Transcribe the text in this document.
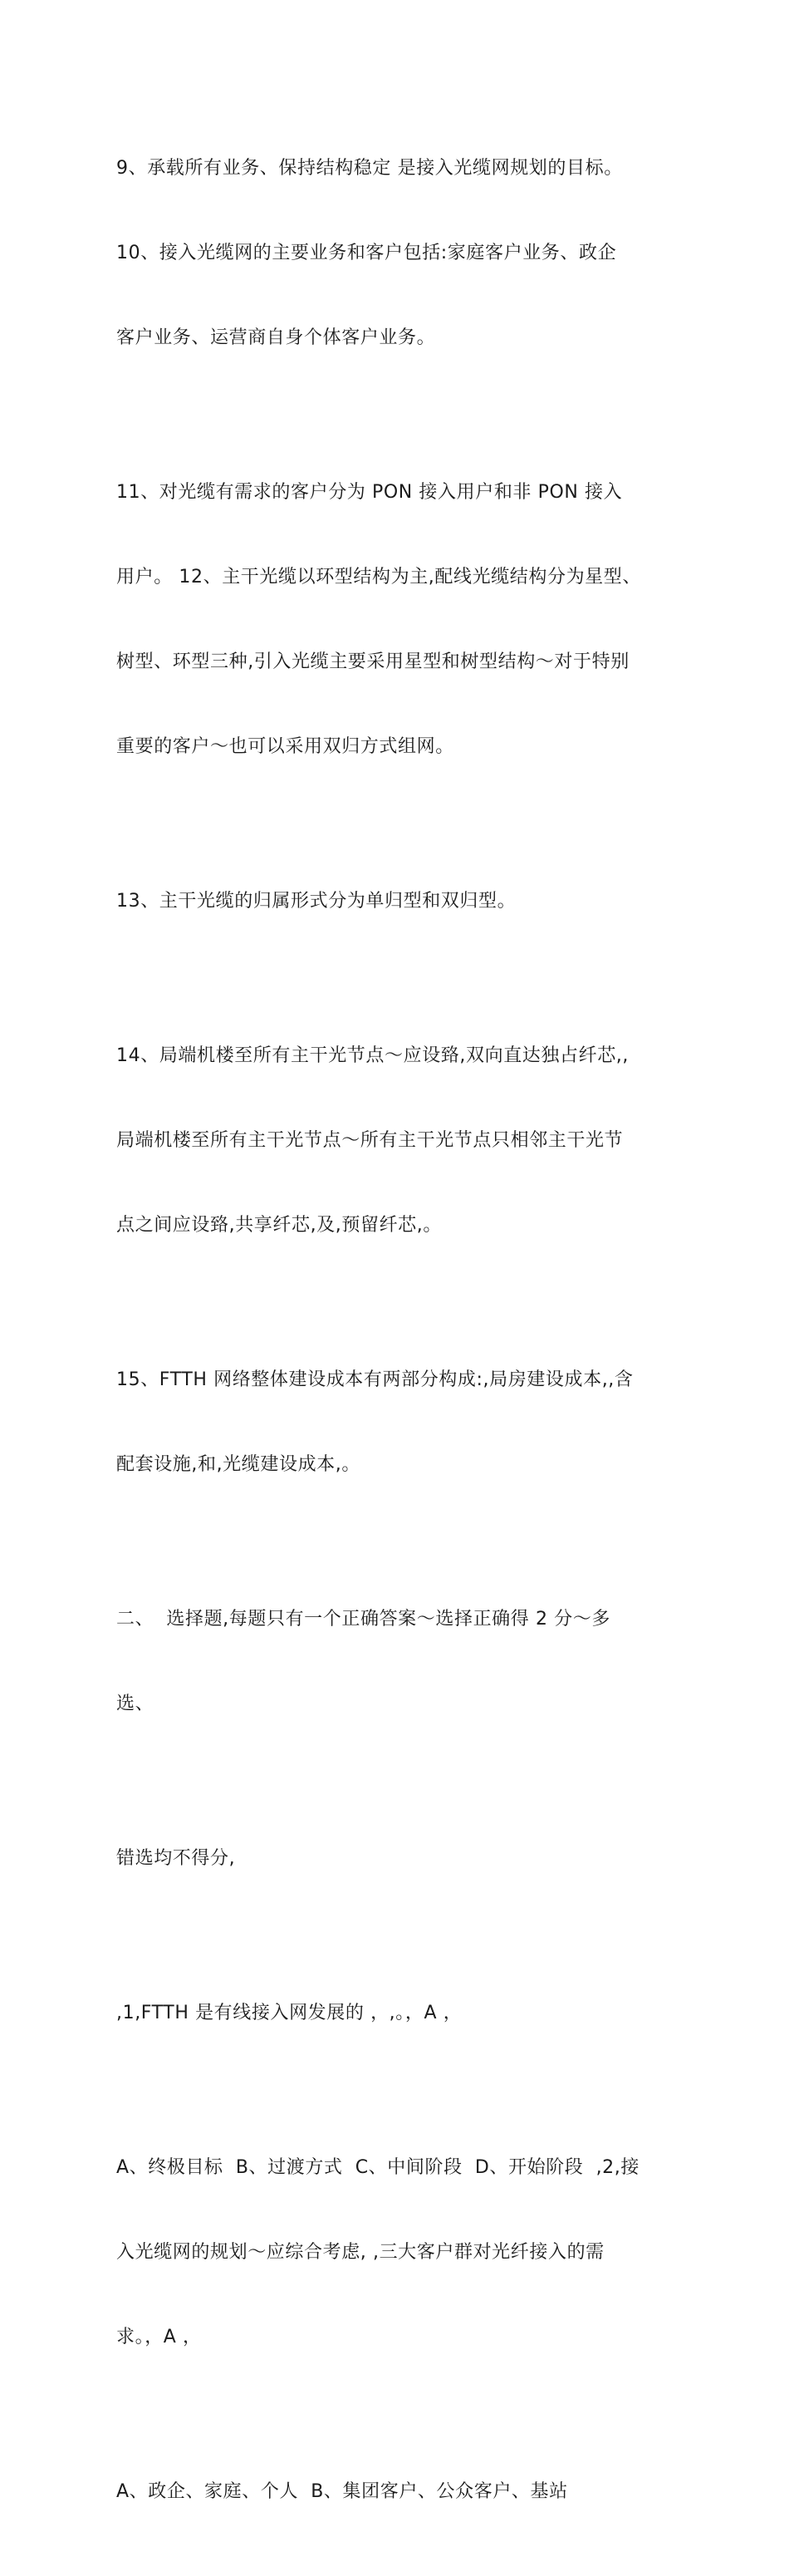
9、承载所有业务、保持结构稳定 是接入光缆网规划的目标。

10、接入光缆网的主要业务和客户包括:家庭客户业务、政企

客户业务、运营商自身个体客户业务。

11、对光缆有需求的客户分为 PON 接入用户和非 PON 接入

用户。 12、主干光缆以环型结构为主,配线光缆结构分为星型、

树型、环型三种,引入光缆主要采用星型和树型结构～对于特别

重要的客户～也可以采用双归方式组网。

13、主干光缆的归属形式分为单归型和双归型。

14、局端机楼至所有主干光节点～应设臵,双向直达独占纤芯,,

局端机楼至所有主干光节点～所有主干光节点只相邻主干光节

点之间应设臵,共享纤芯,及,预留纤芯,。

15、FTTH 网络整体建设成本有两部分构成:,局房建设成本,,含

配套设施,和,光缆建设成本,。

二、  选择题,每题只有一个正确答案～选择正确得 2 分～多

选、

错选均不得分,

,1,FTTH 是有线接入网发展的 ，,。，A ，

A、终极目标  B、过渡方式  C、中间阶段  D、开始阶段  ,2,接

入光缆网的规划～应综合考虑, ,三大客户群对光纤接入的需

求。，A ，

A、政企、家庭、个人  B、集团客户、公众客户、基站
